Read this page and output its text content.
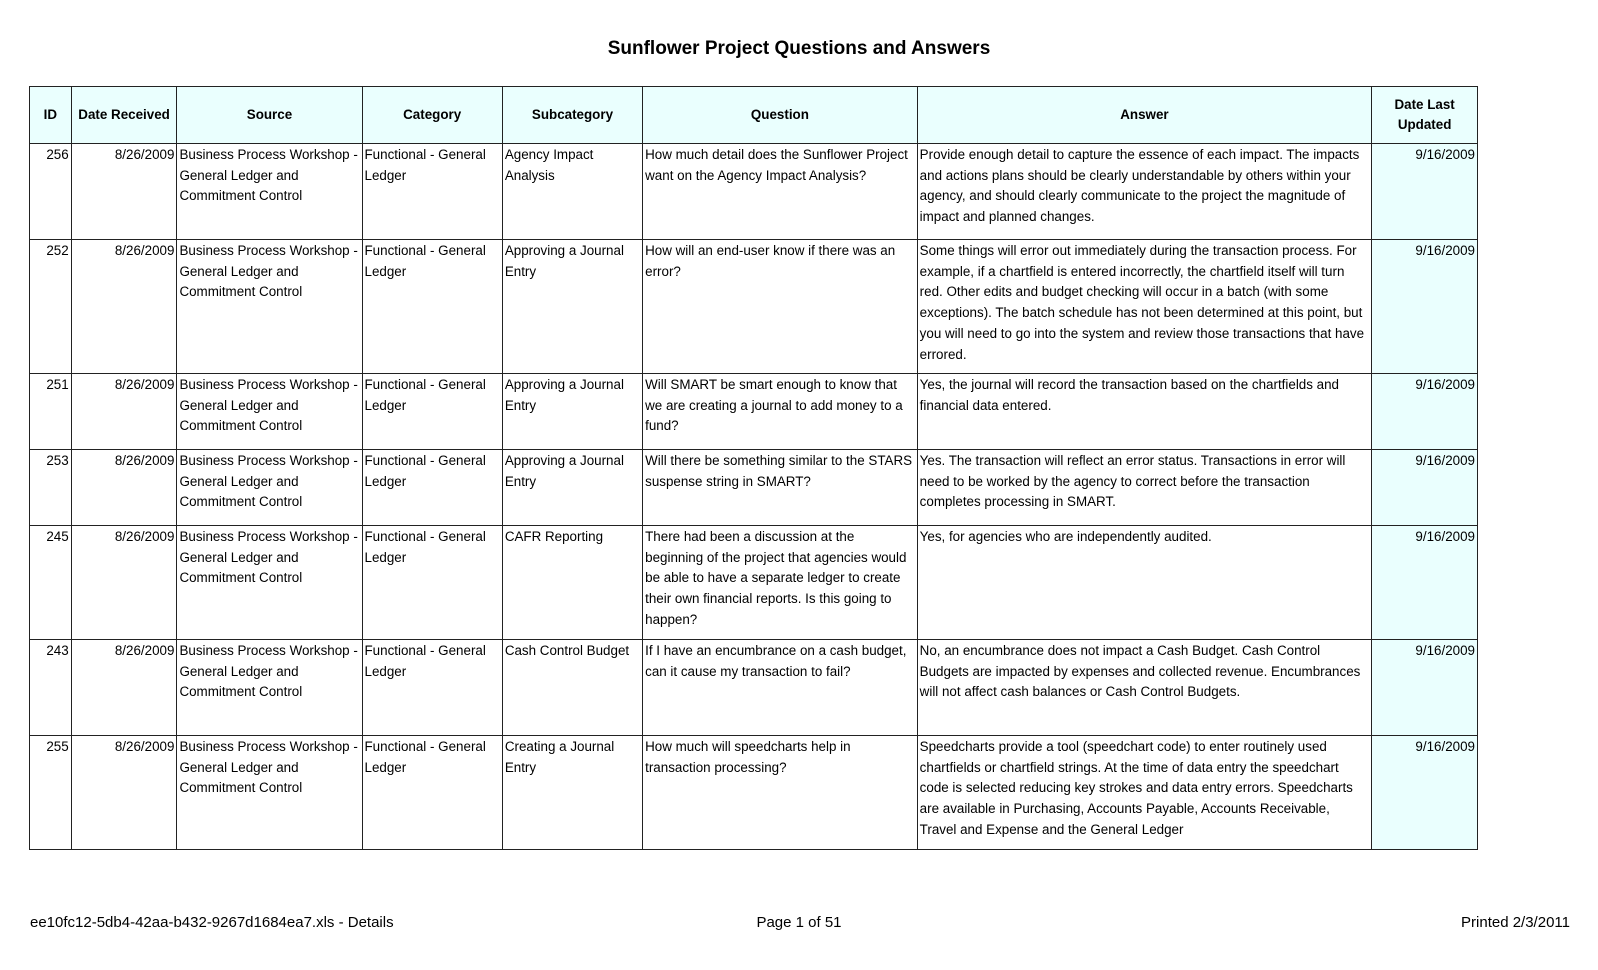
Sunflower Project Questions and Answers
ID	Date Received	Source	Category	Subcategory	Question	Answer	Date Last Updated
256	8/26/2009	Business Process Workshop - General Ledger and Commitment Control	Functional - General Ledger	Agency Impact Analysis	How much detail does the Sunflower Project want on the Agency Impact Analysis?	Provide enough detail to capture the essence of each impact. The impacts and actions plans should be clearly understandable by others within your agency, and should clearly communicate to the project the magnitude of impact and planned changes.	9/16/2009
252	8/26/2009	Business Process Workshop - General Ledger and Commitment Control	Functional - General Ledger	Approving a Journal Entry	How will an end-user know if there was an error?	Some things will error out immediately during the transaction process. For example, if a chartfield is entered incorrectly, the chartfield itself will turn red. Other edits and budget checking will occur in a batch (with some exceptions). The batch schedule has not been determined at this point, but you will need to go into the system and review those transactions that have errored.	9/16/2009
251	8/26/2009	Business Process Workshop - General Ledger and Commitment Control	Functional - General Ledger	Approving a Journal Entry	Will SMART be smart enough to know that we are creating a journal to add money to a fund?	Yes, the journal will record the transaction based on the chartfields and financial data entered.	9/16/2009
253	8/26/2009	Business Process Workshop - General Ledger and Commitment Control	Functional - General Ledger	Approving a Journal Entry	Will there be something similar to the STARS suspense string in SMART?	Yes. The transaction will reflect an error status. Transactions in error will need to be worked by the agency to correct before the transaction completes processing in SMART.	9/16/2009
245	8/26/2009	Business Process Workshop - General Ledger and Commitment Control	Functional - General Ledger	CAFR Reporting	There had been a discussion at the beginning of the project that agencies would be able to have a separate ledger to create their own financial reports. Is this going to happen?	Yes, for agencies who are independently audited.	9/16/2009
243	8/26/2009	Business Process Workshop - General Ledger and Commitment Control	Functional - General Ledger	Cash Control Budget	If I have an encumbrance on a cash budget, can it cause my transaction to fail?	No, an encumbrance does not impact a Cash Budget. Cash Control Budgets are impacted by expenses and collected revenue. Encumbrances will not affect cash balances or Cash Control Budgets.	9/16/2009
255	8/26/2009	Business Process Workshop - General Ledger and Commitment Control	Functional - General Ledger	Creating a Journal Entry	How much will speedcharts help in transaction processing?	Speedcharts provide a tool (speedchart code) to enter routinely used chartfields or chartfield strings. At the time of data entry the speedchart code is selected reducing key strokes and data entry errors. Speedcharts are available in Purchasing, Accounts Payable, Accounts Receivable, Travel and Expense and the General Ledger	9/16/2009
ee10fc12-5db4-42aa-b432-9267d1684ea7.xls - Details	Page 1 of 51	Printed 2/3/2011
